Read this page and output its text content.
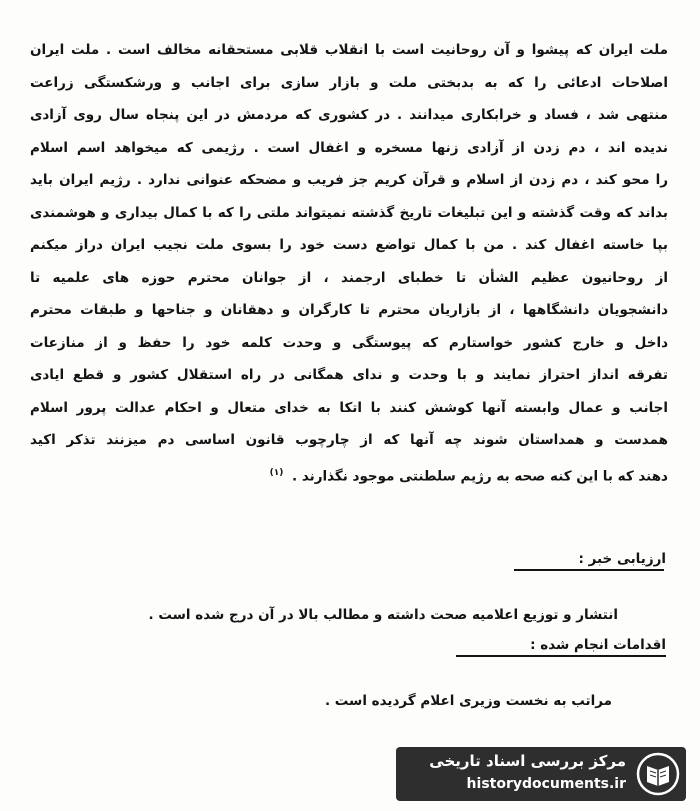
ملت ایران که پیشوا و آن روحانیت است با انقلاب قلابی مستحقانه مخالف است . ملت ایران
اصلاحات ادعائی را که به بدبختی ملت و بازار سازی برای اجانب و ورشکستگی زراعت
منتهی شد ، فساد و خرابکاری میدانند . در کشوری که مردمش در این پنجاه سال روی آزادی
ندیده اند ، دم زدن از آزادی زنها مسخره و اغفال است . رژیمی که میخواهد اسم اسلام
را محو کند ، دم زدن از اسلام و قرآن کریم جز فریب و مضحکه عنوانی ندارد . رژیم ایران باید
بداند که وقت گذشته و این تبلیغات تاریخ گذشته نمیتواند ملتی را که با کمال بیداری و هوشمندی
بپا خاسته اغفال کند . من با کمال تواضع دست خود را بسوی ملت نجیب ایران دراز میکنم
از روحانیون عظیم الشأن تا خطبای ارجمند ، از جوانان محترم حوزه های علمیه تا
دانشجویان دانشگاهها ، از بازاریان محترم تا کارگران و دهقانان و جناحها و طبقات محترم
داخل و خارج کشور خواستارم که پیوستگی و وحدت کلمه خود را حفظ و از منازعات
تفرقه انداز احتراز نمایند و با وحدت و ندای همگانی در راه استقلال کشور و قطع ایادی
اجانب و عمال وابسته آنها کوشش کنند با اتکا به خدای متعال و احکام عدالت پرور اسلام
همدست و همداستان شوند چه آنها که از چارچوب قانون اساسی دم میزنند تذکر اکید
دهند که با این کنه صحه به رژیم سلطنتی موجود نگذارند . $^{(۱)}$
ارزیابی خبر :
انتشار و توزیع اعلامیه صحت داشته و مطالب بالا در آن درج شده است .
اقدامات انجام شده :
مراتب به نخست وزیری اعلام گردیده است .
مرکز بررسی اسناد تاریخی
historydocuments.ir
